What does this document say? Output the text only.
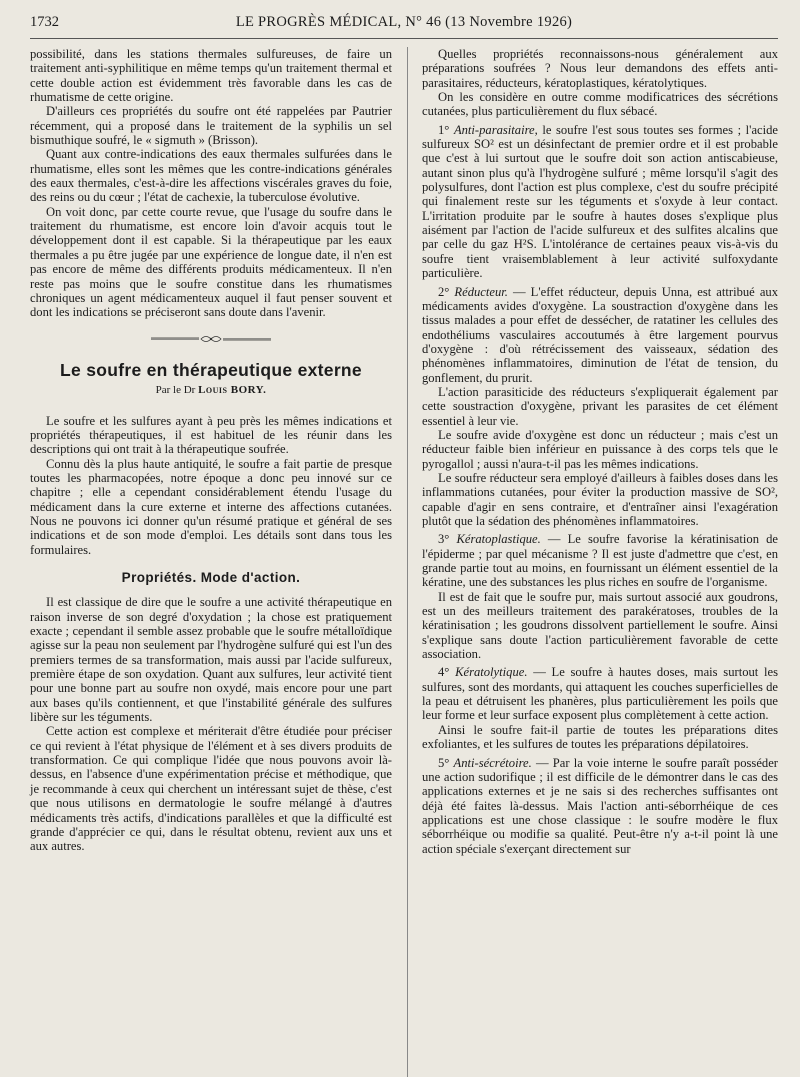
1732	LE PROGRÈS MÉDICAL, N° 46 (13 Novembre 1926)

possibilité, dans les stations thermales sulfureuses, de faire un traitement anti-syphilitique en même temps qu'un traitement thermal et cette double action est évidemment très favorable dans les cas de rhumatisme de cette origine.

D'ailleurs ces propriétés du soufre ont été rappelées par Pautrier récemment, qui a proposé dans le traitement de la syphilis un sel bismuthique soufré, le « sigmuth » (Brisson).

Quant aux contre-indications des eaux thermales sulfurées dans le rhumatisme, elles sont les mêmes que les contre-indications générales des eaux thermales, c'est-à-dire les affections viscérales graves du foie, des reins ou du cœur ; l'état de cachexie, la tuberculose évolutive.

On voit donc, par cette courte revue, que l'usage du soufre dans le traitement du rhumatisme, est encore loin d'avoir acquis tout le développement dont il est capable. Si la thérapeutique par les eaux thermales a pu être jugée par une expérience de longue date, il n'en est pas encore de même des différents produits médicamenteux. Il n'en reste pas moins que le soufre constitue dans les rhumatismes chroniques un agent médicamenteux auquel il faut penser souvent et dont les indications se préciseront sans doute dans l'avenir.

Le soufre en thérapeutique externe
Par le Dr Louis BORY.

Le soufre et les sulfures ayant à peu près les mêmes indications et propriétés thérapeutiques, il est habituel de les réunir dans les descriptions qui ont trait à la thérapeutique soufrée.

Connu dès la plus haute antiquité, le soufre a fait partie de presque toutes les pharmacopées, notre époque a donc peu innové sur ce chapitre ; elle a cependant considérablement étendu l'usage du médicament dans la cure externe et interne des affections cutanées. Nous ne pouvons ici donner qu'un résumé pratique et général de ses indications et de son mode d'emploi. Les détails sont dans tous les formulaires.

Propriétés. Mode d'action.

Il est classique de dire que le soufre a une activité thérapeutique en raison inverse de son degré d'oxydation ; la chose est pratiquement exacte ; cependant il semble assez probable que le soufre métalloïdique agisse sur la peau non seulement par l'hydrogène sulfuré qui est l'un des premiers termes de sa transformation, mais aussi par l'acide sulfureux, première étape de son oxydation. Quant aux sulfures, leur activité tient pour une bonne part au soufre non oxydé, mais encore pour une part aux bases qu'ils contiennent, et que l'instabilité générale des sulfures libère sur les téguments.

Cette action est complexe et mériterait d'être étudiée pour préciser ce qui revient à l'état physique de l'élément et à ses divers produits de transformation. Ce qui complique l'idée que nous pouvons avoir là-dessus, en l'absence d'une expérimentation précise et méthodique, que je recommande à ceux qui cherchent un intéressant sujet de thèse, c'est que nous utilisons en dermatologie le soufre mélangé à d'autres médicaments très actifs, d'indications parallèles et que la difficulté est grande d'apprécier ce qui, dans le résultat obtenu, revient aux uns et aux autres.

Quelles propriétés reconnaissons-nous généralement aux préparations soufrées ? Nous leur demandons des effets anti-parasitaires, réducteurs, kératoplastiques, kératolytiques.

On les considère en outre comme modificatrices des sécrétions cutanées, plus particulièrement du flux sébacé.

1° Anti-parasitaire, le soufre l'est sous toutes ses formes ; l'acide sulfureux SO² est un désinfectant de premier ordre et il est probable que c'est à lui surtout que le soufre doit son action antiscabieuse, autant sinon plus qu'à l'hydrogène sulfuré ; même lorsqu'il s'agit des polysulfures, dont l'action est plus complexe, c'est du soufre précipité qui finalement reste sur les téguments et s'oxyde à leur contact. L'irritation produite par le soufre à hautes doses s'explique plus aisément par l'action de l'acide sulfureux et des sulfites alcalins que par celle du gaz H²S. L'intolérance de certaines peaux vis-à-vis du soufre tient vraisemblablement à leur activité sulfoxydante particulière.

2° Réducteur. — L'effet réducteur, depuis Unna, est attribué aux médicaments avides d'oxygène. La soustraction d'oxygène dans les tissus malades a pour effet de dessécher, de ratatiner les cellules des endothéliums vasculaires accoutumés à être largement pourvus d'oxygène : d'où rétrécissement des vaisseaux, sédation des phénomènes inflammatoires, diminution de l'état de tension, du gonflement, du prurit.

L'action parasiticide des réducteurs s'expliquerait également par cette soustraction d'oxygène, privant les parasites de cet élément essentiel à leur vie.

Le soufre avide d'oxygène est donc un réducteur ; mais c'est un réducteur faible bien inférieur en puissance à des corps tels que le pyrogallol ; aussi n'aura-t-il pas les mêmes indications.

Le soufre réducteur sera employé d'ailleurs à faibles doses dans les inflammations cutanées, pour éviter la production massive de SO², capable d'agir en sens contraire, et d'entraîner ainsi l'exagération plutôt que la sédation des phénomènes inflammatoires.

3° Kératoplastique. — Le soufre favorise la kératinisation de l'épiderme ; par quel mécanisme ? Il est juste d'admettre que c'est, en grande partie tout au moins, en fournissant un élément essentiel de la kératine, une des substances les plus riches en soufre de l'organisme.

Il est de fait que le soufre pur, mais surtout associé aux goudrons, est un des meilleurs traitement des parakératoses, troubles de la kératinisation ; les goudrons dissolvent partiellement le soufre. Ainsi s'explique sans doute l'action particulièrement favorable de cette association.

4° Kératolytique. — Le soufre à hautes doses, mais surtout les sulfures, sont des mordants, qui attaquent les couches superficielles de la peau et détruisent les phanères, plus particulièrement les poils que leur forme et leur surface exposent plus complètement à cette action.

Ainsi le soufre fait-il partie de toutes les préparations dites exfoliantes, et les sulfures de toutes les préparations dépilatoires.

5° Anti-sécrétoire. — Par la voie interne le soufre paraît posséder une action sudorifique ; il est difficile de le démontrer dans le cas des applications externes et je ne sais si des recherches suffisantes ont déjà été faites là-dessus. Mais l'action anti-séborrhéique de ces applications est une chose classique : le soufre modère le flux séborrhéique ou modifie sa qualité. Peut-être n'y a-t-il point là une action spéciale s'exerçant directement sur
